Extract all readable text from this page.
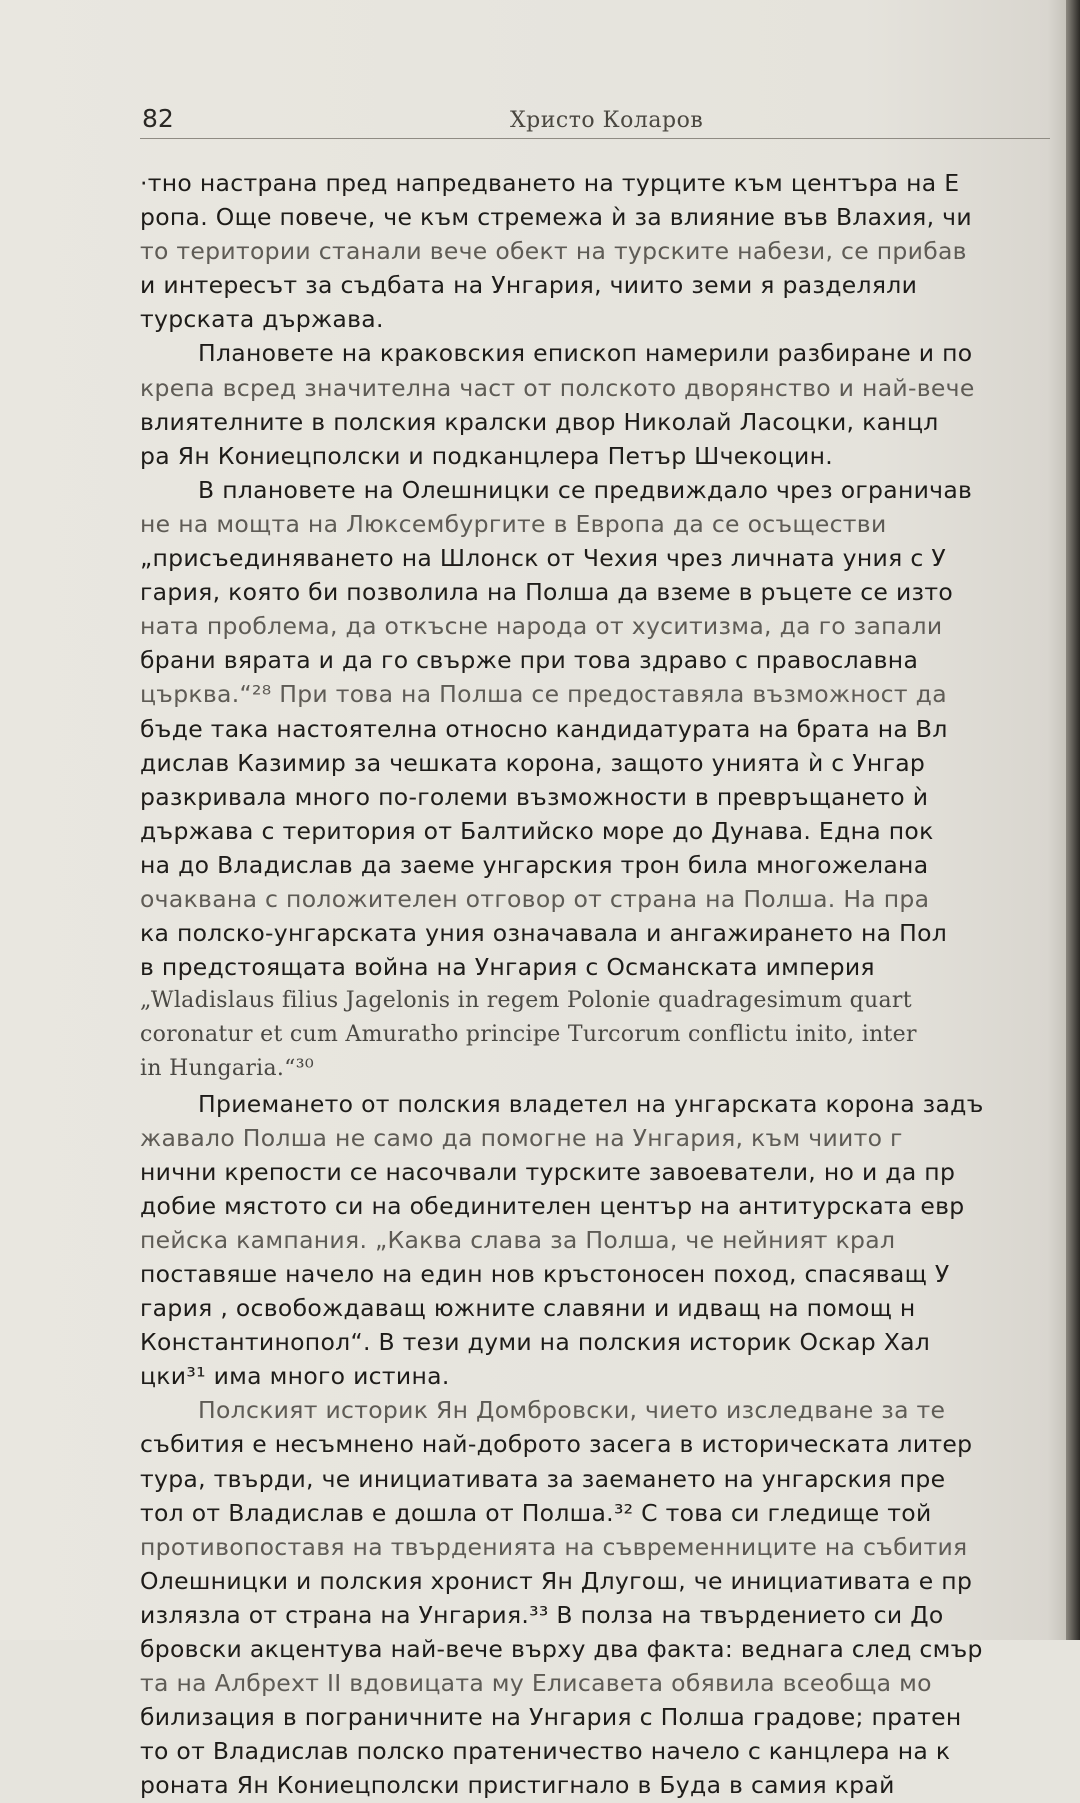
82	Христо Коларов
·тно настрана пред напредването на турците към центъра на Е
ропа. Още повече, че към стремежа ѝ за влияние във Влахия, чи
то територии станали вече обект на турските набези, се прибав
и интересът за съдбата на Унгария, чиито земи я разделяли
турската държава.
Плановете на краковския епископ намерили разбиране и по
крепа всред значителна част от полското дворянство и най-вече
влиятелните в полския кралски двор Николай Ласоцки, канцл
ра Ян Кониецполски и подканцлера Петър Шчекоцин.
В плановете на Олешницки се предвиждало чрез ограничав
не на мощта на Люксембургите в Европа да се осъществи
„присъединяването на Шлонск от Чехия чрез личната уния с У
гария, която би позволила на Полша да вземе в ръцете се изто
ната проблема, да откъсне народа от хуситизма, да го запали
брани вярата и да го свърже при това здраво с православна
църква.“²⁸ При това на Полша се предоставяла възможност да
бъде така настоятелна относно кандидатурата на брата на Вл
дислав Казимир за чешката корона, защото унията ѝ с Унгар
разкривала много по-големи възможности в превръщането ѝ
държава с територия от Балтийско море до Дунава. Една пок
на до Владислав да заеме унгарския трон била многожелана
очаквана с положителен отговор от страна на Полша. На пра
ка полско-унгарската уния означавала и ангажирането на Пол
в предстоящата война на Унгария с Османската империя
„Wladislaus filius Jagelonis in regem Polonie quadragesimum quart
coronatur et cum Amuratho principe Turcorum conflictu inito, inter
in Hungaria.“³⁰
Приемането от полския владетел на унгарската корона задъ
жавало Полша не само да помогне на Унгария, към чиито г
нични крепости се насочвали турските завоеватели, но и да пр
добие мястото си на обединителен център на антитурската евр
пейска кампания. „Каква слава за Полша, че нейният крал
поставяше начело на един нов кръстоносен поход, спасяващ У
гария , освобождаващ южните славяни и идващ на помощ н
Константинопол“. В тези думи на полския историк Оскар Хал
цки³¹ има много истина.
Полският историк Ян Домбровски, чието изследване за те
събития е несъмнено най-доброто засега в историческата литер
тура, твърди, че инициативата за заемането на унгарския пре
тол от Владислав е дошла от Полша.³² С това си гледище той
противопоставя на твърденията на съвременниците на събития
Олешницки и полския хронист Ян Длугош, че инициативата е пр
излязла от страна на Унгария.³³ В полза на твърдението си До
бровски акцентува най-вече върху два факта: веднага след смър
та на Албрехт II вдовицата му Елисавета обявила всеобща мо
билизация в пограничните на Унгария с Полша градове; пратен
то от Владислав полско пратеничество начело с канцлера на к
роната Ян Кониецполски пристигнало в Буда в самия край
